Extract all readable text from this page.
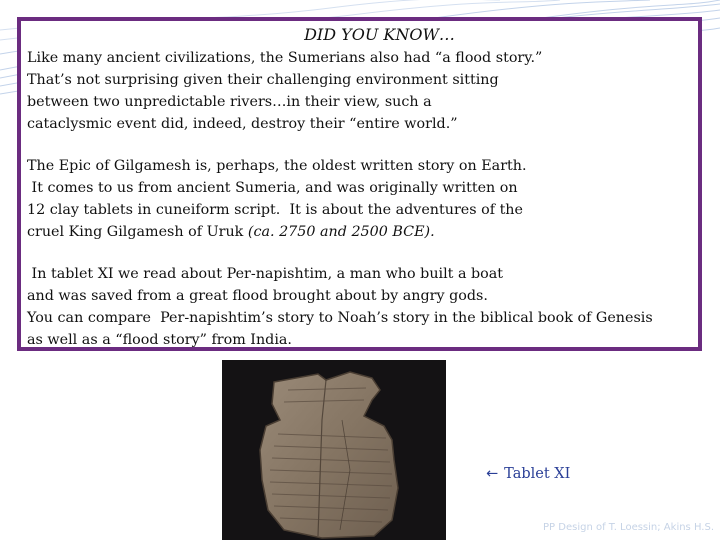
DID YOU KNOW…

Like many ancient civilizations, the Sumerians also had “a flood story.”
That’s not surprising given their challenging environment sitting
between two unpredictable rivers…in their view, such a
cataclysmic event did, indeed, destroy their “entire world.”

The Epic of Gilgamesh is, perhaps, the oldest written story on Earth.
It comes to us from ancient Sumeria, and was originally written on
12 clay tablets in cuneiform script.  It is about the adventures of the
cruel King Gilgamesh of Uruk (ca. 2750 and 2500 BCE).

In tablet XI we read about Per-napishtim, a man who built a boat
and was saved from a great flood brought about by angry gods.
You can compare  Per-napishtim’s story to Noah’s story in the biblical book of Genesis
as well as a “flood story” from India.

← Tablet XI
PP Design of T. Loessin; Akins H.S.
